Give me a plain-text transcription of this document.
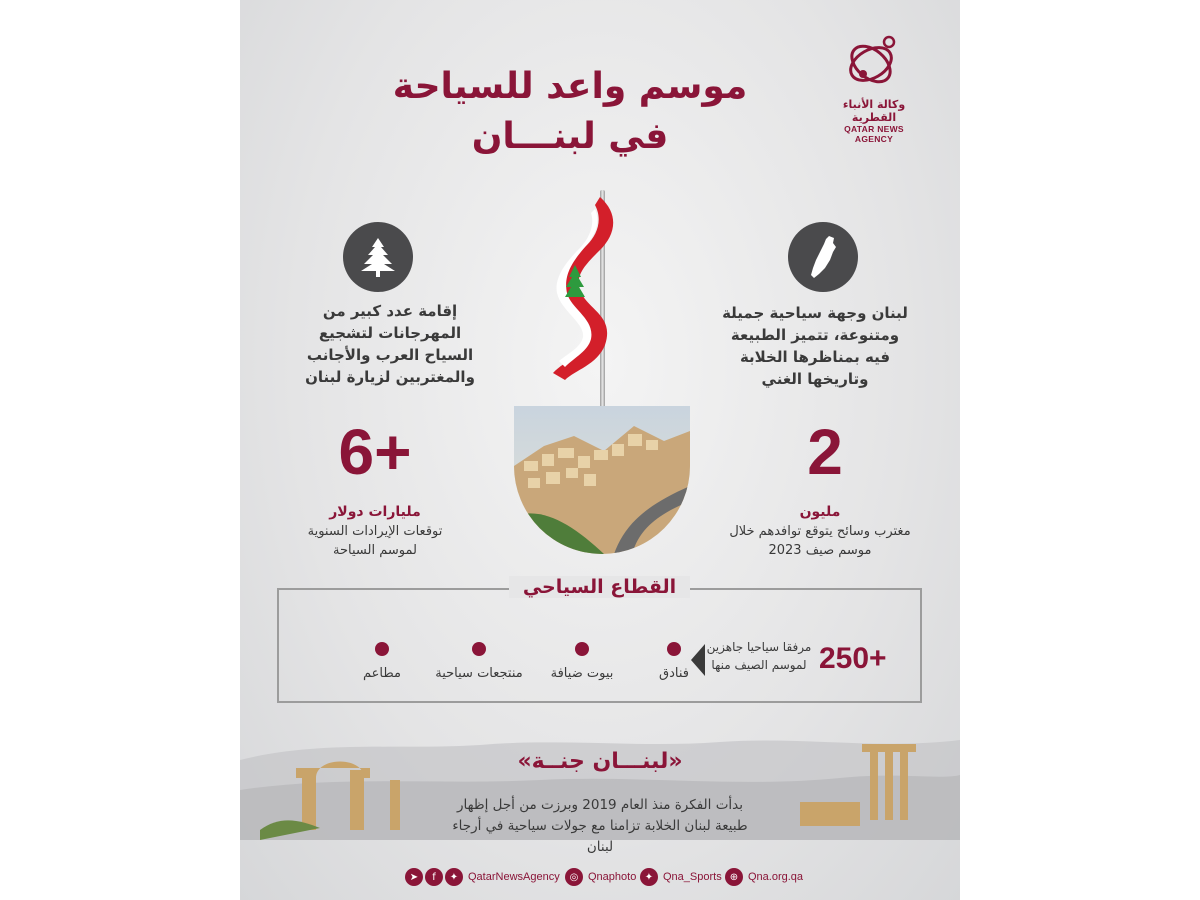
وكالة الأنباء القطرية
QATAR NEWS AGENCY
موسم واعد للسياحة
في لبنـــان
إقامة عدد كبير من المهرجانات لتشجيع السياح العرب والأجانب والمغتربين لزيارة لبنان
لبنان وجهة سياحية جميلة ومتنوعة، تتميز الطبيعة فيه بمناظرها الخلابة وتاريخها الغني
6+	2
مليارات دولار
توقعات الإيرادات السنوية لموسم السياحة
مليون
مغترب وسائح يتوقع توافدهم خلال موسم صيف 2023
القطاع السياحي
250+
مرفقا سياحيا جاهزين لموسم الصيف منها
فنادق
بيوت ضيافة
منتجعات سياحية
مطاعم
«لبنـــان جنــة»
بدأت الفكرة منذ العام 2019 وبرزت من أجل إظهار طبيعة لبنان الخلابة تزامنا مع جولات سياحية في أرجاء لبنان
➤	f	✦ QatarNewsAgency ◎ Qnaphoto ✦ Qna_Sports ⊕ Qna.org.qa
